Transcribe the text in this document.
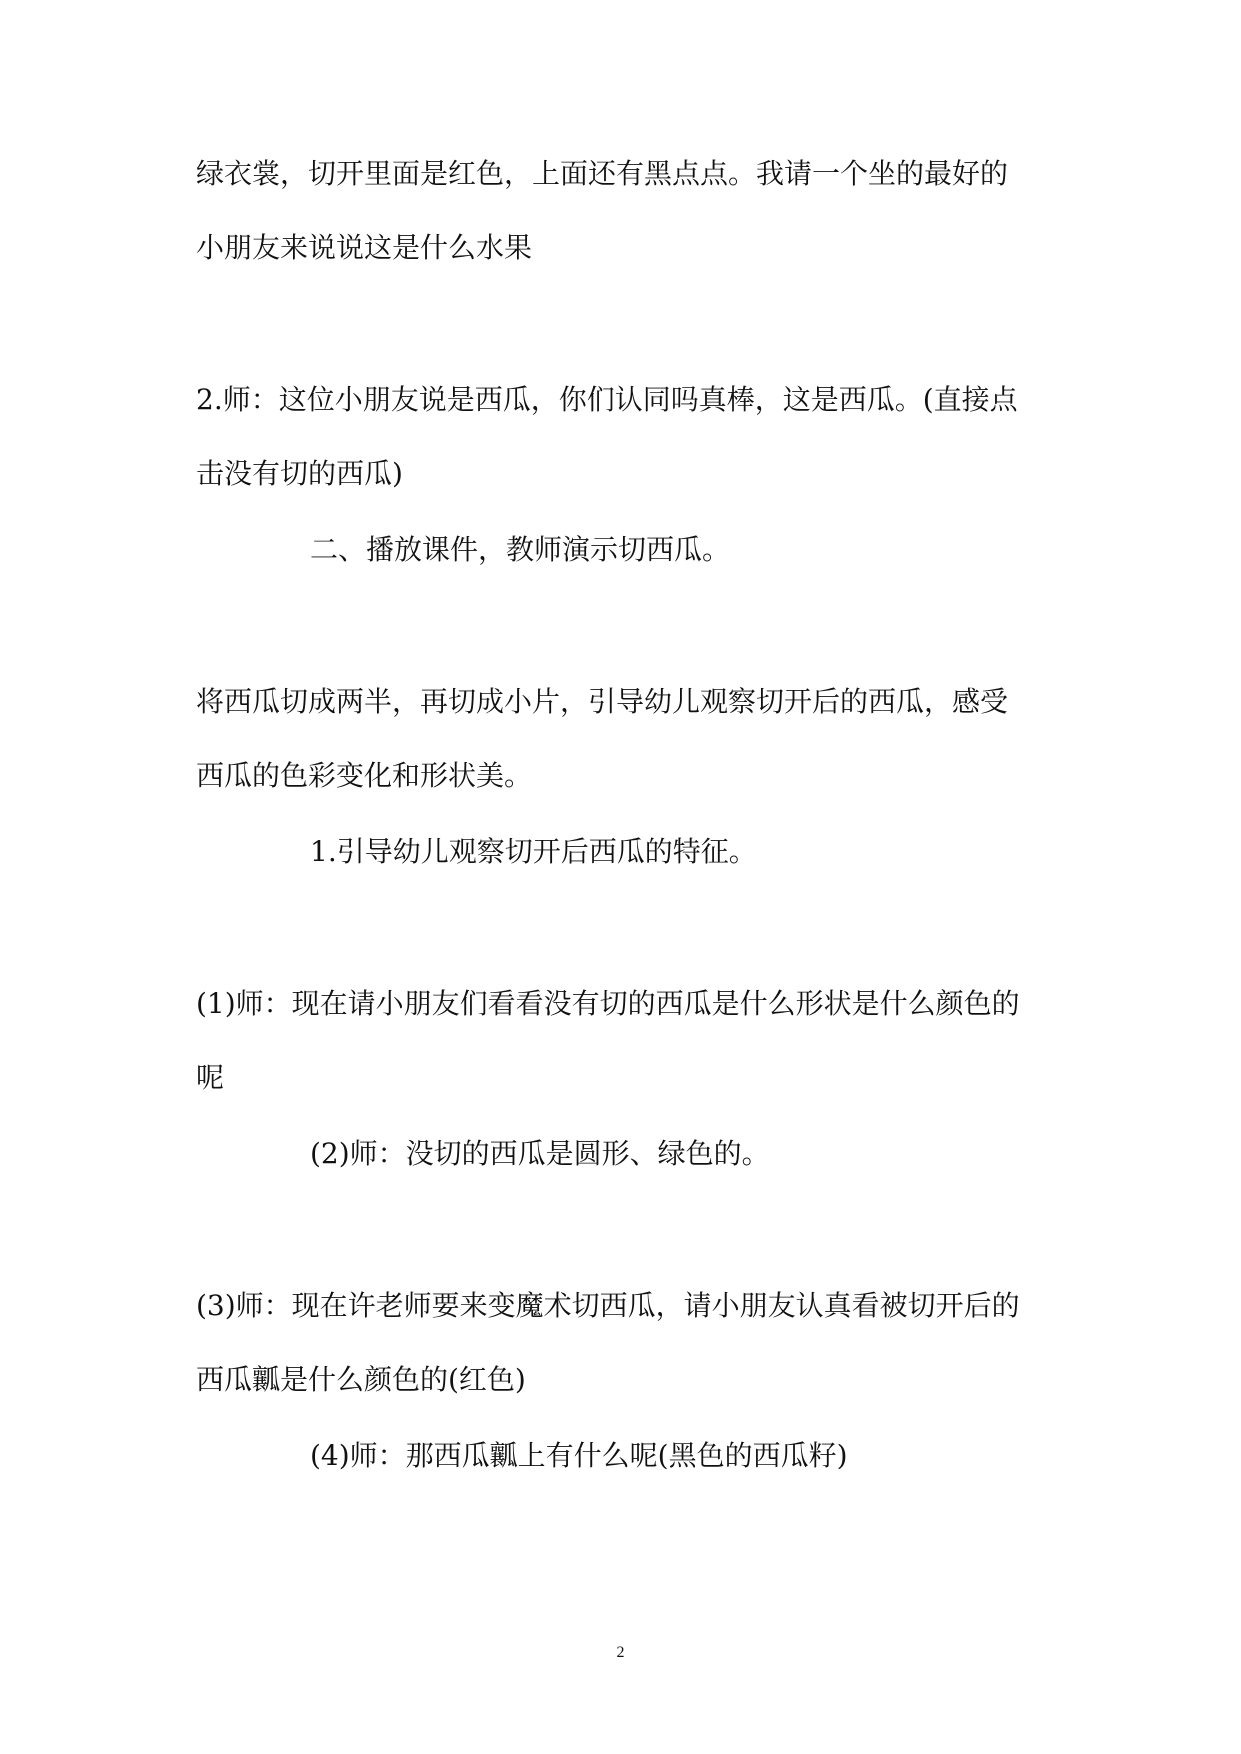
绿衣裳，切开里面是红色，上面还有黑点点。我请一个坐的最好的
小朋友来说说这是什么水果
2.师：这位小朋友说是西瓜，你们认同吗真棒，这是西瓜。(直接点
击没有切的西瓜)
二、播放课件，教师演示切西瓜。
将西瓜切成两半，再切成小片，引导幼儿观察切开后的西瓜，感受
西瓜的色彩变化和形状美。
1.引导幼儿观察切开后西瓜的特征。
(1)师：现在请小朋友们看看没有切的西瓜是什么形状是什么颜色的
呢
(2)师：没切的西瓜是圆形、绿色的。
(3)师：现在许老师要来变魔术切西瓜，请小朋友认真看被切开后的
西瓜瓤是什么颜色的(红色)
(4)师：那西瓜瓤上有什么呢(黑色的西瓜籽)
2
